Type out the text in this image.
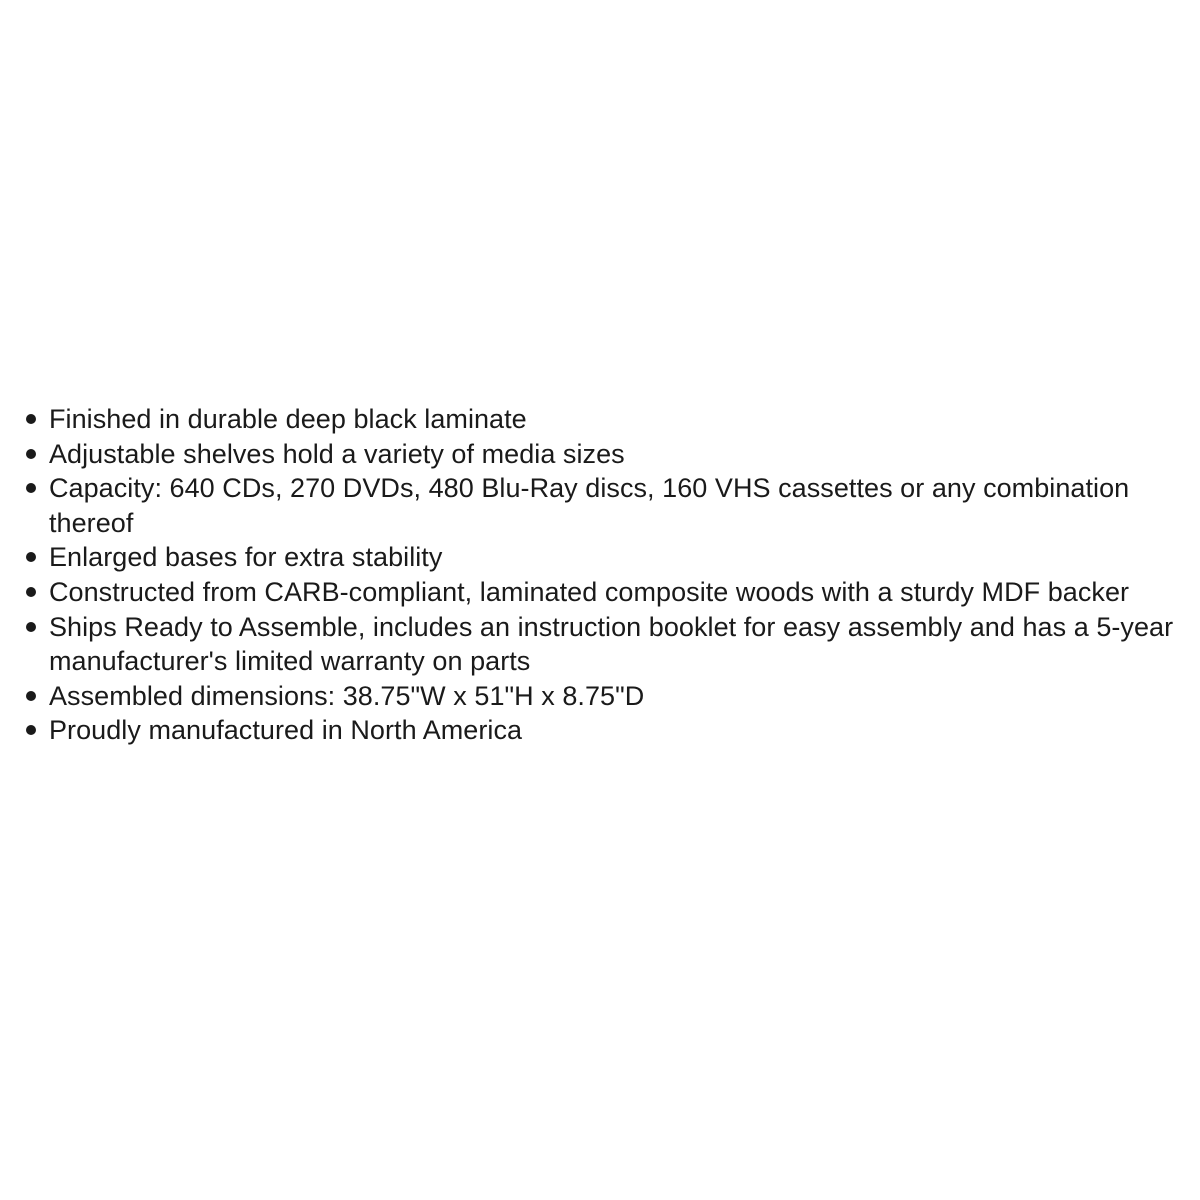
Finished in durable deep black laminate
Adjustable shelves hold a variety of media sizes
Capacity: 640 CDs, 270 DVDs, 480 Blu-Ray discs, 160 VHS cassettes or any combination thereof
Enlarged bases for extra stability
Constructed from CARB-compliant, laminated composite woods with a sturdy MDF backer
Ships Ready to Assemble, includes an instruction booklet for easy assembly and has a 5-year manufacturer's limited warranty on parts
Assembled dimensions: 38.75"W x 51"H x 8.75"D
Proudly manufactured in North America
